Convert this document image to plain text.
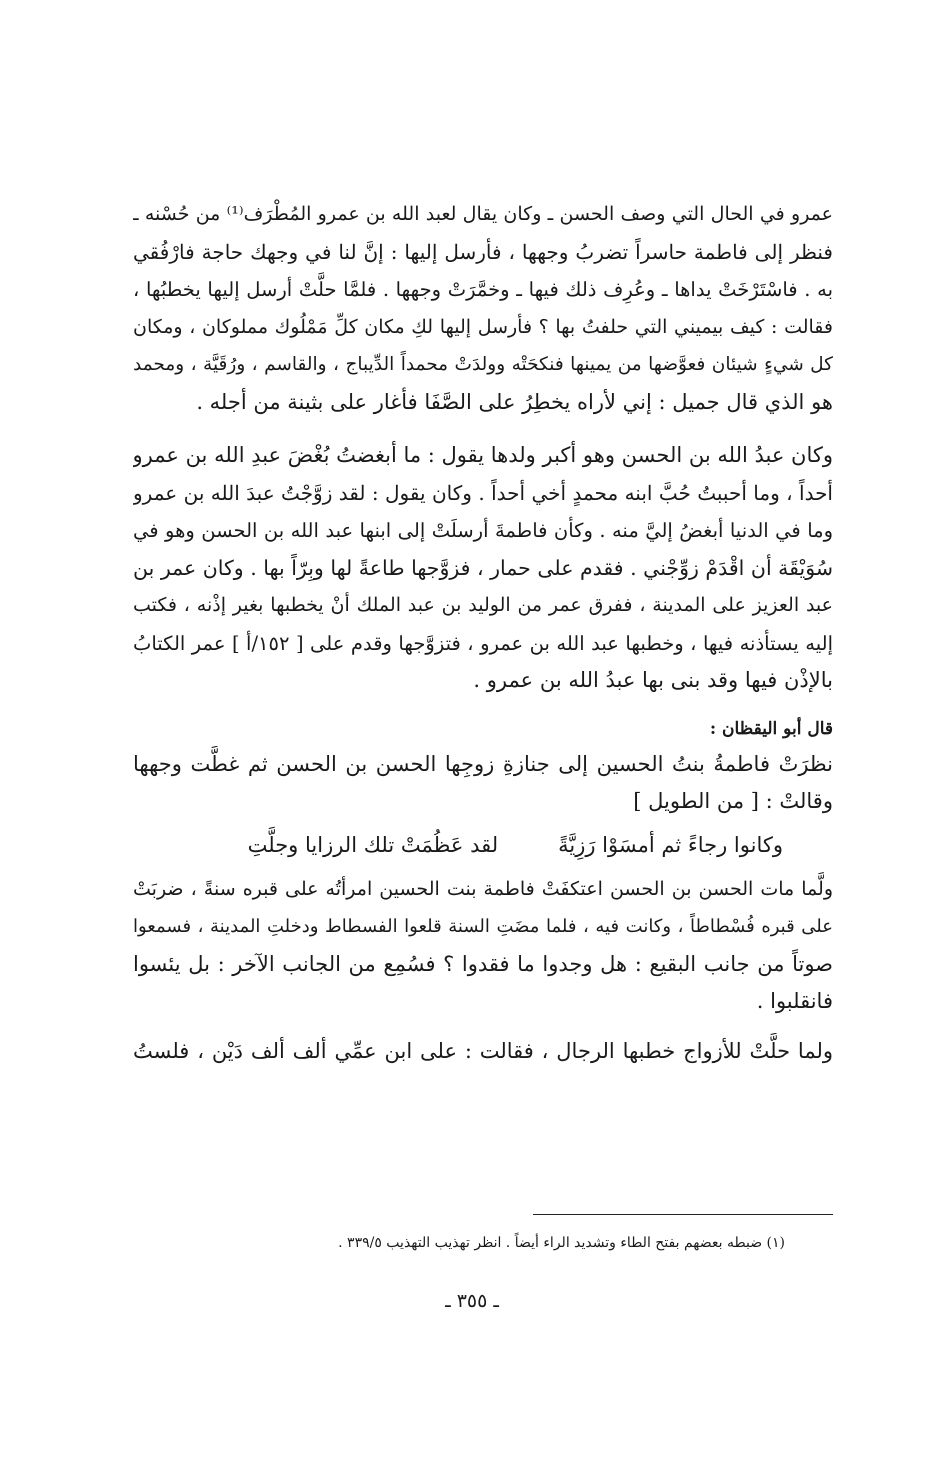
عمرو في الحال التي وصف الحسن ـ وكان يقال لعبد الله بن عمرو المُطْرَف⁽¹⁾ من حُسْنه ـ
فنظر إلى فاطمة حاسراً تضربُ وجهها ، فأرسل إليها : إنَّ لنا في وجهك حاجة فارْفُقي
به . فاسْتَرْخَتْ يداها ـ وعُرِف ذلك فيها ـ وخمَّرَتْ وجهها . فلمَّا حلَّتْ أرسل إليها يخطبُها ،
فقالت : كيف بيميني التي حلفتُ بها ؟ فأرسل إليها لكِ مكان كلِّ مَمْلُوك مملوكان ، ومكان
كل شيءٍ شيئان فعوَّضها من يمينها فنكحَتْه وولدَتْ محمداً الدِّيباج ، والقاسم ، ورُقَيَّة ، ومحمد
هو الذي قال جميل : إني لأراه يخطِرُ على الصَّفَا فأغار على بثينة من أجله .

وكان عبدُ الله بن الحسن وهو أكبر ولدها يقول : ما أبغضتُ بُغْضَ عبدِ الله بن عمرو
أحداً ، وما أحببتُ حُبَّ ابنه محمدٍ أخي أحداً . وكان يقول : لقد زوَّجْتُ عبدَ الله بن عمرو
وما في الدنيا أبغضُ إليَّ منه . وكأن فاطمةَ أرسلَتْ إلى ابنها عبد الله بن الحسن وهو في
سُوَيْقَة أن اقْدَمْ زوِّجْني . فقدم على حمار ، فزوَّجها طاعةً لها وبِرّاً بها . وكان عمر بن
عبد العزيز على المدينة ، ففرق عمر من الوليد بن عبد الملك أنْ يخطبها بغير إذْنه ، فكتب
إليه يستأذنه فيها ، وخطبها عبد الله بن عمرو ، فتزوَّجها وقدم على [ ١٥٢/أ ] عمر الكتابُ
بالإذْن فيها وقد بنى بها عبدُ الله بن عمرو .

قال أبو اليقظان :

نظرَتْ فاطمةُ بنتُ الحسين إلى جنازةِ زوجِها الحسن بن الحسن ثم غطَّت وجهها
وقالتْ : [ من الطويل ]

وكانوا رجاءً ثم أمسَوْا رَزِيَّةً
لقد عَظُمَتْ تلك الرزايا وجلَّتِ

ولَّما مات الحسن بن الحسن اعتكفَتْ فاطمة بنت الحسين امرأتُه على قبره سنةً ، ضربَتْ
على قبره فُسْطاطاً ، وكانت فيه ، فلما مضَتِ السنة قلعوا الفسطاط ودخلتِ المدينة ، فسمعوا
صوتاً من جانب البقيع : هل وجدوا ما فقدوا ؟ فسُمِع من الجانب الآخر : بل يئسوا
فانقلبوا .

ولما حلَّتْ للأزواج خطبها الرجال ، فقالت : على ابن عمِّي ألف ألف دَيْن ، فلستُ

(١) ضبطه بعضهم بفتح الطاء وتشديد الراء أيضاً . انظر تهذيب التهذيب ٣٣٩/٥ .
ـ ٣٥٥ ـ
